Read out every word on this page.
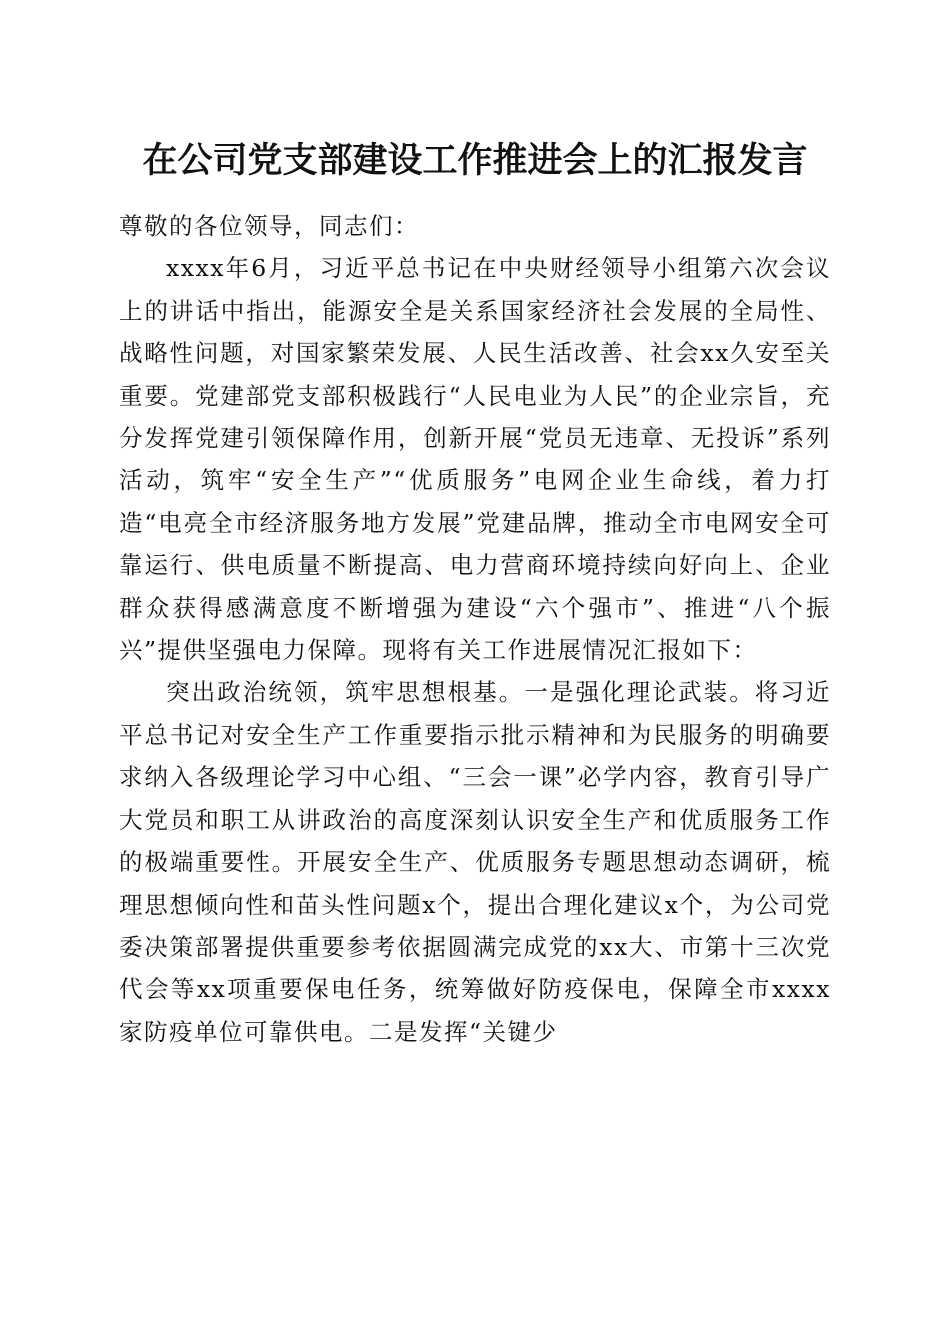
在公司党支部建设工作推进会上的汇报发言

尊敬的各位领导，同志们：

xxxx年6月，习近平总书记在中央财经领导小组第六次会议上的讲话中指出，能源安全是关系国家经济社会发展的全局性、战略性问题，对国家繁荣发展、人民生活改善、社会xx久安至关重要。党建部党支部积极践行“人民电业为人民”的企业宗旨，充分发挥党建引领保障作用，创新开展“党员无违章、无投诉”系列活动，筑牢“安全生产”“优质服务”电网企业生命线，着力打造“电亮全市经济服务地方发展”党建品牌，推动全市电网安全可靠运行、供电质量不断提高、电力营商环境持续向好向上、企业群众获得感满意度不断增强为建设“六个强市”、推进“八个振兴”提供坚强电力保障。现将有关工作进展情况汇报如下：

突出政治统领，筑牢思想根基。一是强化理论武装。将习近平总书记对安全生产工作重要指示批示精神和为民服务的明确要求纳入各级理论学习中心组、“三会一课”必学内容，教育引导广大党员和职工从讲政治的高度深刻认识安全生产和优质服务工作的极端重要性。开展安全生产、优质服务专题思想动态调研，梳理思想倾向性和苗头性问题x个，提出合理化建议x个，为公司党委决策部署提供重要参考依据圆满完成党的xx大、市第十三次党代会等xx项重要保电任务，统筹做好防疫保电，保障全市xxxx家防疫单位可靠供电。二是发挥“关键少
